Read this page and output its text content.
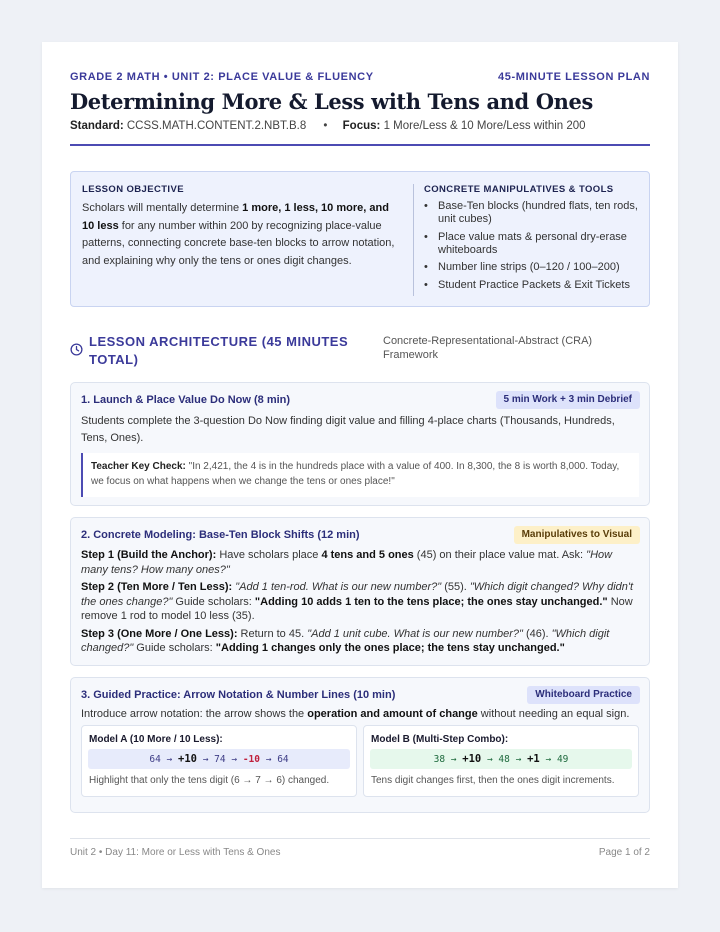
GRADE 2 MATH • UNIT 2: PLACE VALUE & FLUENCY	45-MINUTE LESSON PLAN
Determining More & Less with Tens and Ones
Standard: CCSS.MATH.CONTENT.2.NBT.B.8 • Focus: 1 More/Less & 10 More/Less within 200
LESSON OBJECTIVE
Scholars will mentally determine 1 more, 1 less, 10 more, and 10 less for any number within 200 by recognizing place-value patterns, connecting concrete base-ten blocks to arrow notation, and explaining why only the tens or ones digit changes.
CONCRETE MANIPULATIVES & TOOLS
• Base-Ten blocks (hundred flats, ten rods, unit cubes)
• Place value mats & personal dry-erase whiteboards
• Number line strips (0–120 / 100–200)
• Student Practice Packets & Exit Tickets
LESSON ARCHITECTURE (45 MINUTES TOTAL)
Concrete-Representational-Abstract (CRA) Framework
1. Launch & Place Value Do Now (8 min)	5 min Work + 3 min Debrief
Students complete the 3-question Do Now finding digit value and filling 4-place charts (Thousands, Hundreds, Tens, Ones).
Teacher Key Check: "In 2,421, the 4 is in the hundreds place with a value of 400. In 8,300, the 8 is worth 8,000. Today, we focus on what happens when we change the tens or ones place!"
2. Concrete Modeling: Base-Ten Block Shifts (12 min)	Manipulatives to Visual

Step 1 (Build the Anchor): Have scholars place 4 tens and 5 ones (45) on their place value mat. Ask: "How many tens? How many ones?"

Step 2 (Ten More / Ten Less): "Add 1 ten-rod. What is our new number?" (55). "Which digit changed? Why didn't the ones change?" Guide scholars: "Adding 10 adds 1 ten to the tens place; the ones stay unchanged." Now remove 1 rod to model 10 less (35).

Step 3 (One More / One Less): Return to 45. "Add 1 unit cube. What is our new number?" (46). "Which digit changed?" Guide scholars: "Adding 1 changes only the ones place; the tens stay unchanged."

3. Guided Practice: Arrow Notation & Number Lines (10 min)	Whiteboard Practice
Introduce arrow notation: the arrow shows the operation and amount of change without needing an equal sign.
Model A (10 More / 10 Less):
64 → +10 → 74 → -10 → 64
Highlight that only the tens digit (6 → 7 → 6) changed.
Model B (Multi-Step Combo):
38 → +10 → 48 → +1 → 49
Tens digit changes first, then the ones digit increments.
Unit 2 • Day 11: More or Less with Tens & Ones	Page 1 of 2
